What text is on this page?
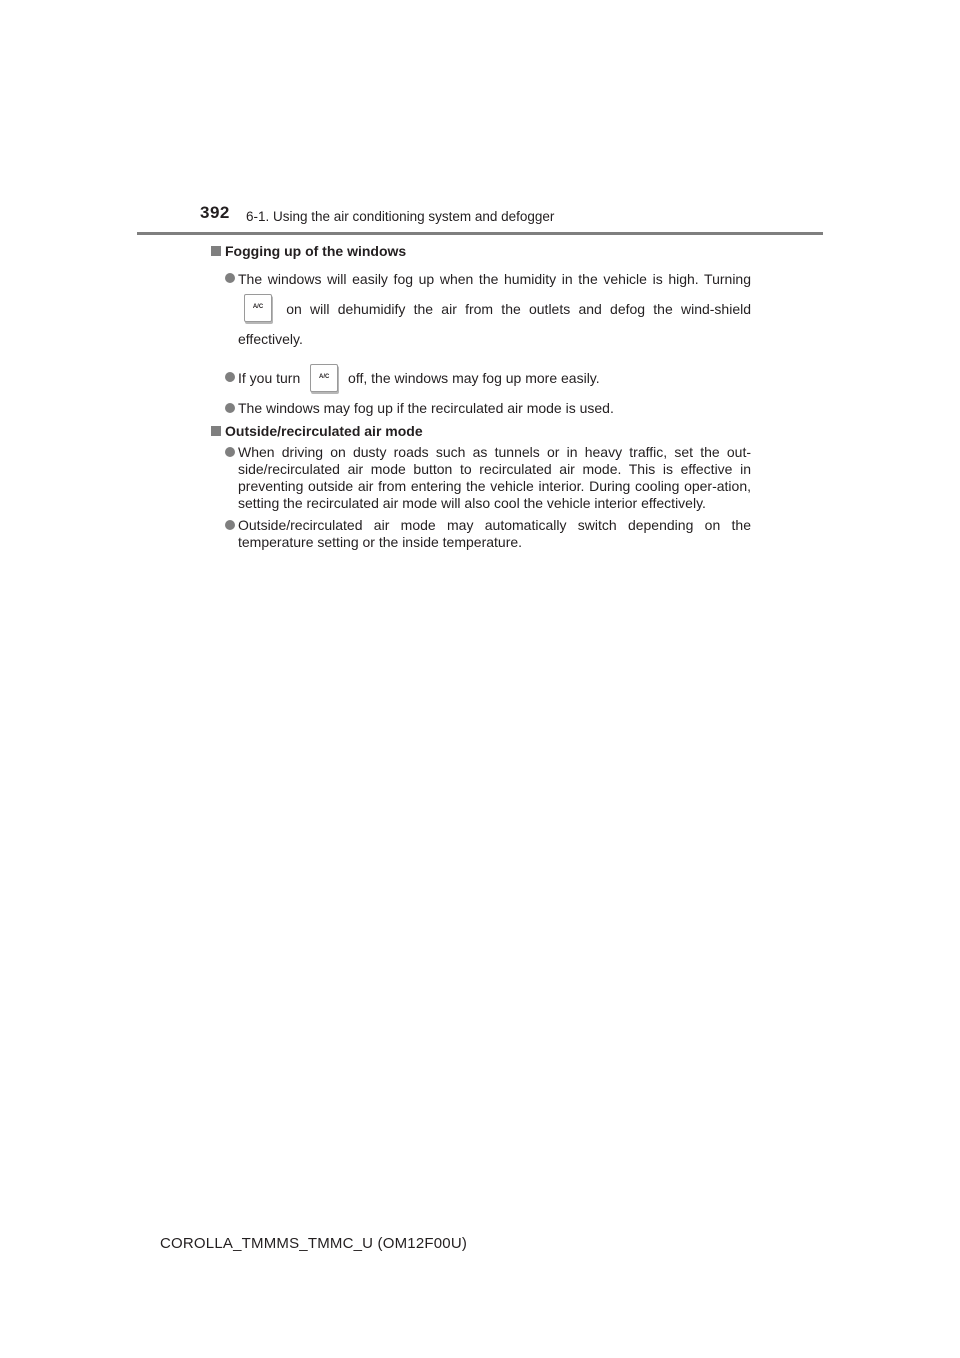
392 6-1. Using the air conditioning system and defogger
Fogging up of the windows
The windows will easily fog up when the humidity in the vehicle is high. Turning
A/C	on will dehumidify the air from the outlets and defog the wind-shield effectively.
If you turn	A/C	off, the windows may fog up more easily.
The windows may fog up if the recirculated air mode is used.
Outside/recirculated air mode
When driving on dusty roads such as tunnels or in heavy traffic, set the out-side/recirculated air mode button to recirculated air mode. This is effective in preventing outside air from entering the vehicle interior. During cooling oper-ation, setting the recirculated air mode will also cool the vehicle interior effectively.
Outside/recirculated air mode may automatically switch depending on the temperature setting or the inside temperature.
COROLLA_TMMMS_TMMC_U (OM12F00U)
